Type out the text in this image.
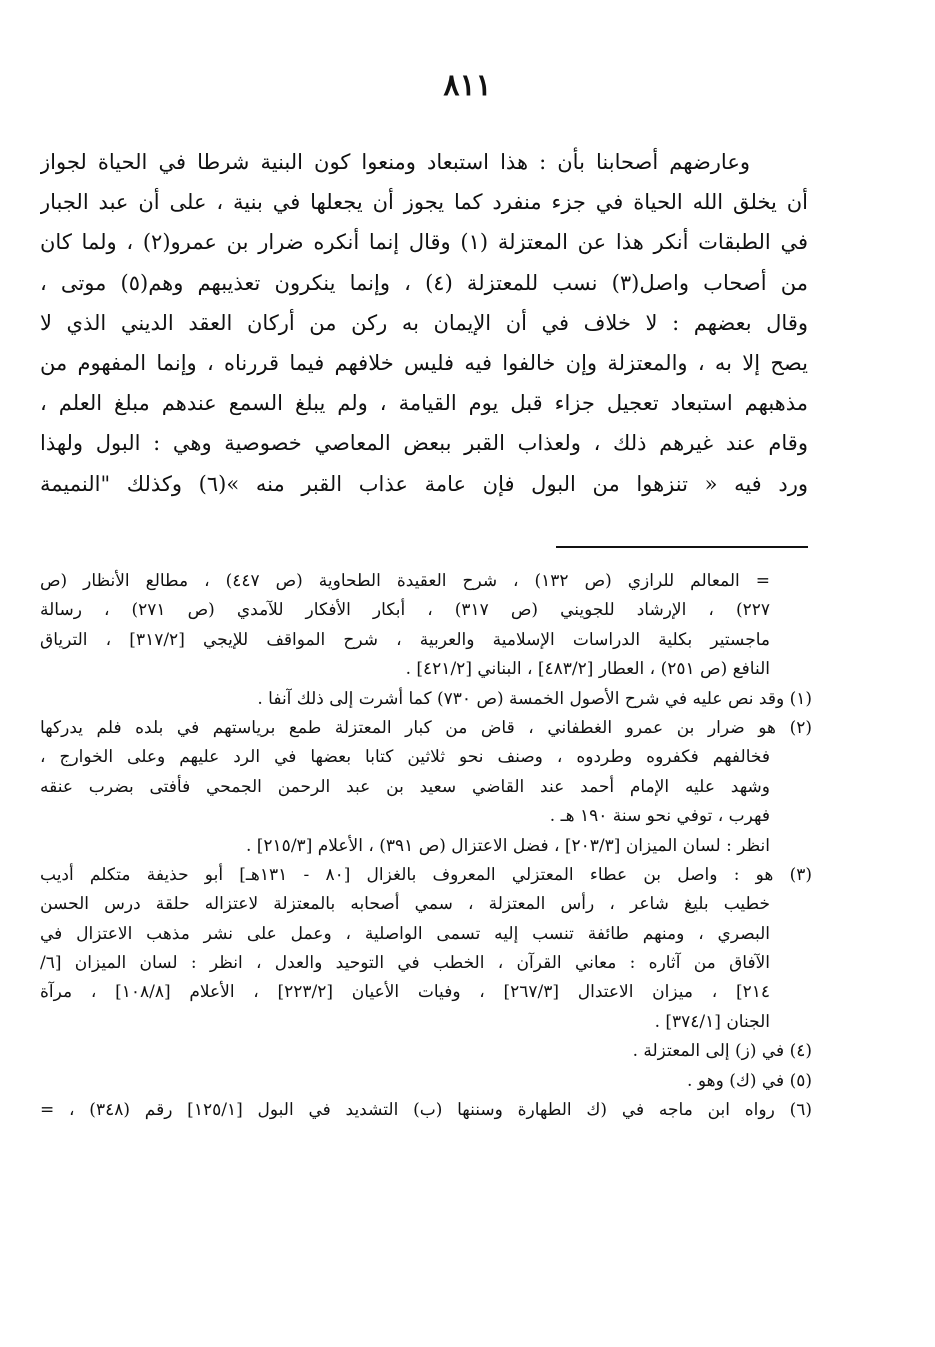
٨١١
وعارضهم أصحابنا بأن : هذا استبعاد ومنعوا كون البنية شرطا في الحياة لجواز
أن يخلق الله الحياة في جزء منفرد كما يجوز أن يجعلها في بنية ، على أن عبد الجبار
في الطبقات أنكر هذا عن المعتزلة (١) وقال إنما أنكره ضرار بن عمرو(٢) ، ولما كان
من أصحاب واصل(٣) نسب للمعتزلة (٤) ، وإنما ينكرون تعذيبهم وهم(٥) موتى ،
وقال بعضهم : لا خلاف في أن الإيمان به ركن من أركان العقد الديني الذي لا
يصح إلا به ، والمعتزلة وإن خالفوا فيه فليس خلافهم فيما قررناه ، وإنما المفهوم من
مذهبهم استبعاد تعجيل جزاء قبل يوم القيامة ، ولم يبلغ السمع عندهم مبلغ العلم ،
وقام عند غيرهم ذلك ، ولعذاب القبر ببعض المعاصي خصوصية وهي : البول ولهذا
ورد فيه « تنزهوا من البول فإن عامة عذاب القبر منه »(٦) وكذلك "النميمة
= المعالم للرازي (ص ١٣٢) ، شرح العقيدة الطحاوية (ص ٤٤٧) ، مطالع الأنظار (ص
٢٢٧) ، الإرشاد للجويني (ص ٣١٧) ، أبكار الأفكار للآمدي (ص ٢٧١) ، رسالة
ماجستير بكلية الدراسات الإسلامية والعربية ، شرح المواقف للإيجي [٣١٧/٢] ، الترياق
النافع (ص ٢٥١) ، العطار [٤٨٣/٢] ، البناني [٤٢١/٢] .
(١) وقد نص عليه في شرح الأصول الخمسة (ص ٧٣٠) كما أشرت إلى ذلك آنفا .
(٢) هو ضرار بن عمرو الغطفاني ، قاض من كبار المعتزلة طمع برياستهم في بلده فلم يدركها
فخالفهم فكفروه وطردوه ، وصنف نحو ثلاثين كتابا بعضها في الرد عليهم وعلى الخوارج ،
وشهد عليه الإمام أحمد عند القاضي سعيد بن عبد الرحمن الجمحي فأفتى بضرب عنقه
فهرب ، توفي نحو سنة ١٩٠ هـ .
انظر : لسان الميزان [٢٠٣/٣] ، فضل الاعتزال (ص ٣٩١) ، الأعلام [٢١٥/٣] .
(٣) هو : واصل بن عطاء المعتزلي المعروف بالغزال [٨٠ - ١٣١هـ] أبو حذيفة متكلم أديب
خطيب بليغ شاعر ، رأس المعتزلة ، سمي أصحابه بالمعتزلة لاعتزاله حلقة درس الحسن
البصري ، ومنهم طائفة تنسب إليه تسمى الواصلية ، وعمل على نشر مذهب الاعتزال في
الآفاق من آثاره : معاني القرآن ، الخطب في التوحيد والعدل ، انظر : لسان الميزان [٦/
٢١٤] ، ميزان الاعتدال [٢٦٧/٣] ، وفيات الأعيان [٢٢٣/٢] ، الأعلام [١٠٨/٨] ، مرآة
الجنان [٣٧٤/١] .
(٤) في (ز) إلى المعتزلة .
(٥) في (ك) وهو .
(٦) رواه ابن ماجه في (ك الطهارة وسننها (ب) التشديد في البول [١٢٥/١] رقم (٣٤٨) ، =
